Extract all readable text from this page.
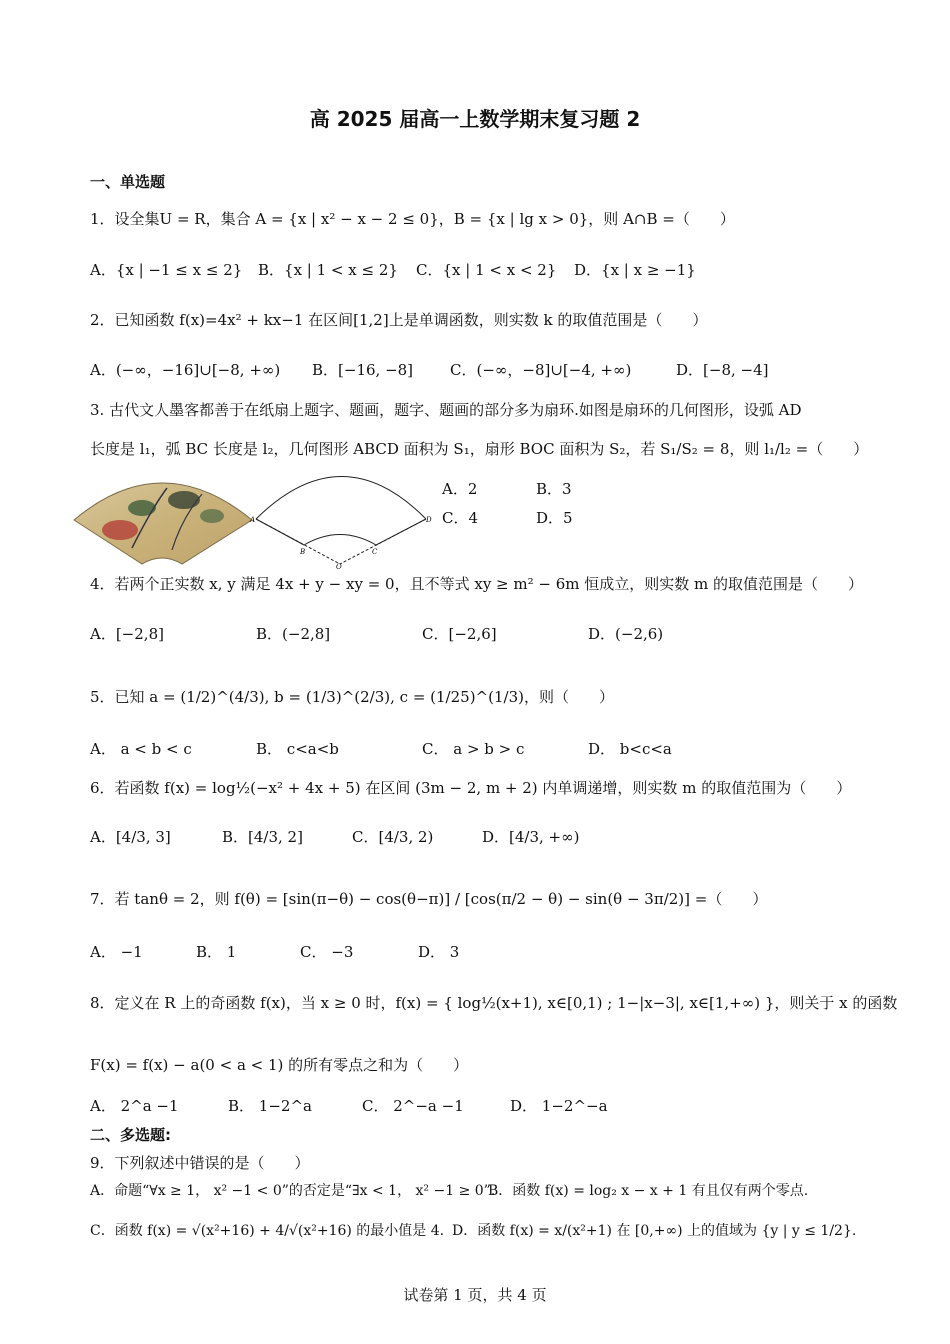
高 2025 届高一上数学期末复习题 2
一、单选题
1．设全集U = R，集合 A = {x | x² − x − 2 ≤ 0}，B = {x | lg x > 0}，则 A∩B =（　　）
A．{x | −1 ≤ x ≤ 2} B．{x | 1 < x ≤ 2} C．{x | 1 < x < 2} D．{x | x ≥ −1}
2．已知函数 f(x)=4x² + kx−1 在区间[1,2]上是单调函数，则实数 k 的取值范围是（　　）
A．(−∞，−16]∪[−8, +∞) B．[−16, −8] C．(−∞，−8]∪[−4, +∞)	D．[−8, −4]
3. 古代文人墨客都善于在纸扇上题字、题画，题字、题画的部分多为扇环.如图是扇环的几何图形，设弧 AD
长度是 l₁，弧 BC 长度是 l₂，几何图形 ABCD 面积为 S₁，扇形 BOC 面积为 S₂，若 S₁/S₂ = 8，则 l₁/l₂ =（　　）
A
B	C
D
O
A．2	B．3
C．4	D．5
4．若两个正实数 x, y 满足 4x + y − xy = 0，且不等式 xy ≥ m² − 6m 恒成立，则实数 m 的取值范围是（　　）
A．[−2,8]	B．(−2,8]	C．[−2,6]	D．(−2,6)
5．已知 a = (1/2)^(4/3), b = (1/3)^(2/3), c = (1/25)^(1/3)，则（　　）
A． a < b < c	B． c<a<b	C． a > b > c	D． b<c<a
6．若函数 f(x) = log½(−x² + 4x + 5) 在区间 (3m − 2, m + 2) 内单调递增，则实数 m 的取值范围为（　　）
A．[4/3, 3]	B．[4/3, 2]	C．[4/3, 2)	D．[4/3, +∞)
7．若 tanθ = 2，则 f(θ) = [sin(π−θ) − cos(θ−π)] / [cos(π/2 − θ) − sin(θ − 3π/2)] =（　　）
A． −1	B． 1	C． −3	D． 3
8．定义在 R 上的奇函数 f(x)，当 x ≥ 0 时，f(x) = { log½(x+1), x∈[0,1) ; 1−|x−3|, x∈[1,+∞) }，则关于 x 的函数
F(x) = f(x) − a(0 < a < 1) 的所有零点之和为（　　）
A． 2^a −1	B． 1−2^a	C． 2^−a −1	D． 1−2^−a
二、多选题:
9．下列叙述中错误的是（　　）
A．命题“∀x ≥ 1， x² −1 < 0”的否定是“∃x < 1， x² −1 ≥ 0”.
B．函数 f(x) = log₂ x − x + 1 有且仅有两个零点.
C．函数 f(x) = √(x²+16) + 4/√(x²+16) 的最小值是 4. D．函数 f(x) = x/(x²+1) 在 [0,+∞) 上的值域为 {y | y ≤ 1/2}.
试卷第 1 页，共 4 页
